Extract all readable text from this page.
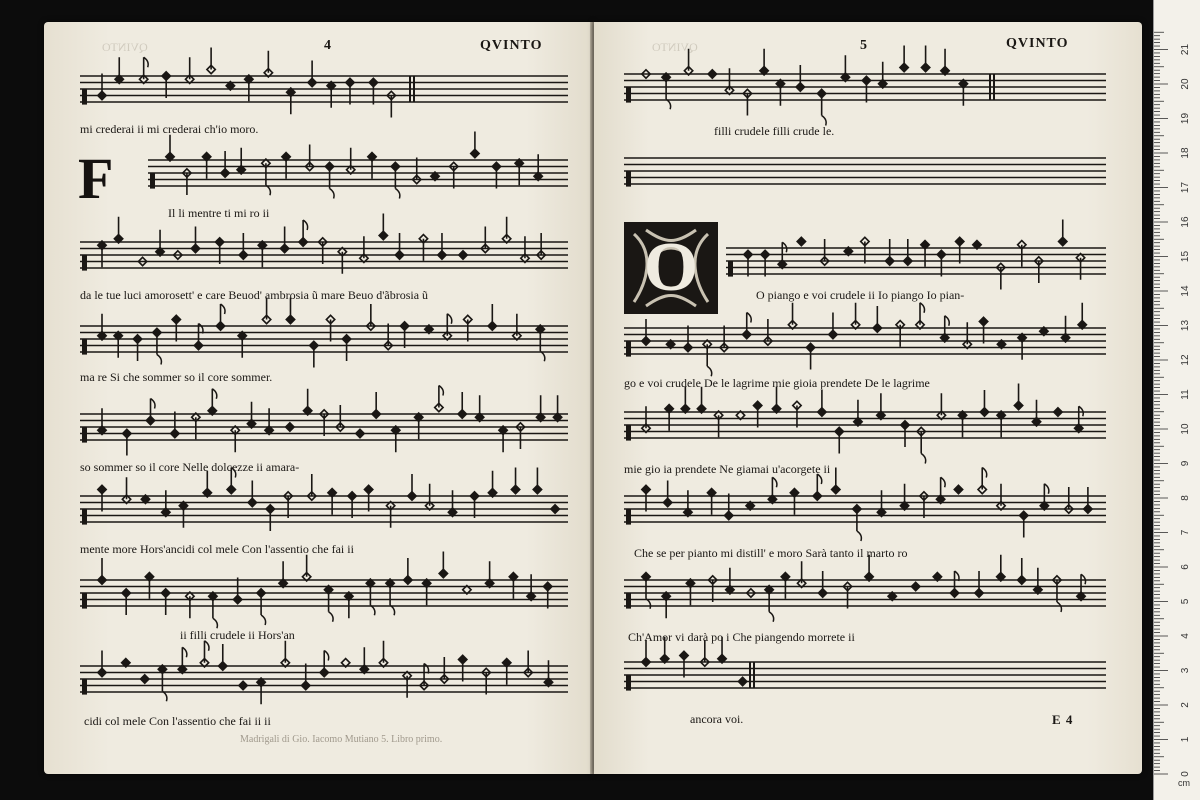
QVINTO	4	QVINTO
F
mi crederai ii mi crederai ch'io moro.
Il li mentre ti mi ro ii
da le tue luci amorosett' e care Beuod' ambrosia ũ mare Beuo d'ãbrosia ũ
ma re Si che sommer so il core sommer.
so sommer so il core Nelle dolcezze ii amara-
mente more Hors'ancidi col mele Con l'assentio che fai ii
ii filli crudele ii Hors'an
cidi col mele Con l'assentio che fai ii ii
Madrigali di Gio. Iacomo Mutiano 5. Libro primo.
QVINTO	5	QVINTO
O
filli crudele filli crude le.
O piango e voi crudele ii Io piango Io pian-
go e voi crudele De le lagrime mie gioia prendete De le lagrime
mie gio ia prendete Ne giamai u'acorgete ii
Che se per pianto mi distill' e moro Sarà tanto il marto ro
Ch'Amor vi darà po i Che piangendo morrete ii
ancora voi.	E 4
0
1
2
3
4
5
6
7
8
9
10
11
12
13
14
15
16
17
18
19
20
21
cm
